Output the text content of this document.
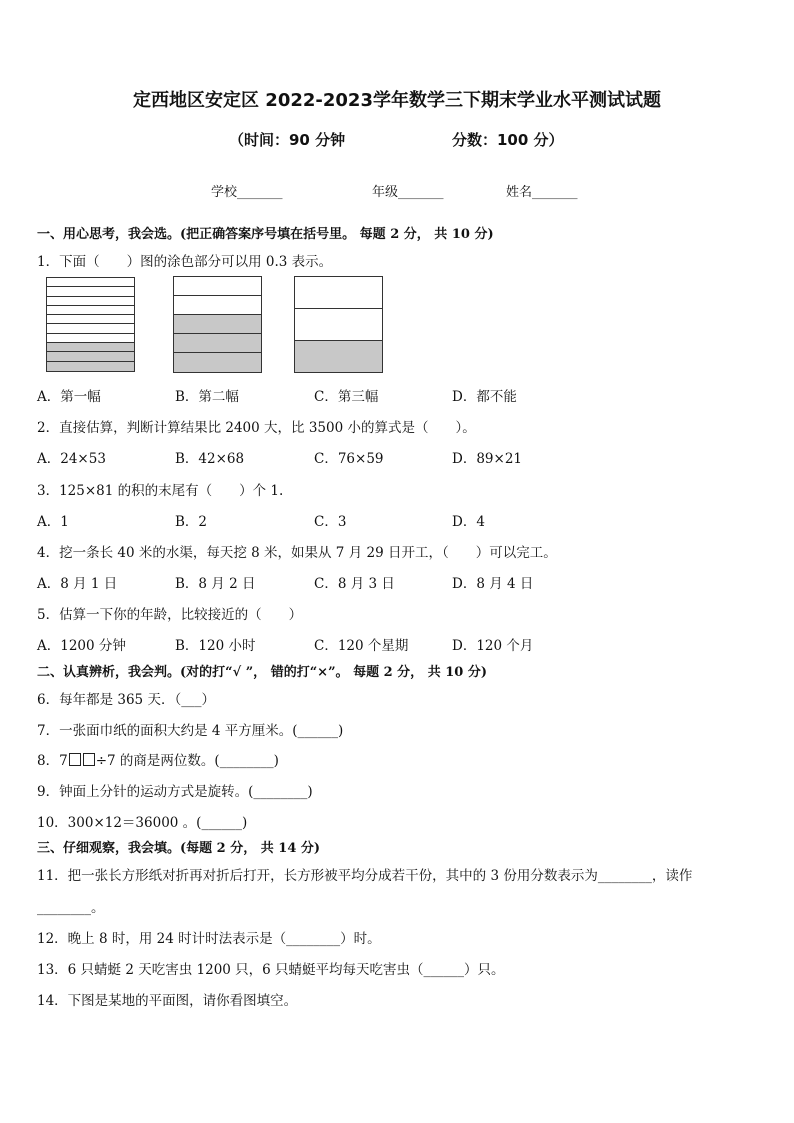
定西地区安定区 2022-2023学年数学三下期末学业水平测试试题
（时间：90 分钟	分数：100 分）
学校_______	年级_______	姓名_______
一、用心思考，我会选。(把正确答案序号填在括号里。 每题 2 分， 共 10 分)
1．下面（　　）图的涂色部分可以用 0.3 表示。
A．第一幅	B．第二幅	C．第三幅	D．都不能
2．直接估算，判断计算结果比 2400 大，比 3500 小的算式是（　　）。
A．24×53	B．42×68	C．76×59	D．89×21
3．125×81 的积的末尾有（　　）个 1.
A．1	B．2	C．3	D．4
4．挖一条长 40 米的水渠，每天挖 8 米，如果从 7 月 29 日开工，（　　）可以完工。
A．8 月 1 日	B．8 月 2 日	C．8 月 3 日	D．8 月 4 日
5．估算一下你的年龄，比较接近的（　　）
A．1200 分钟	B．120 小时	C．120 个星期	D．120 个月
二、认真辨析，我会判。(对的打“√ ”， 错的打“×”。 每题 2 分， 共 10 分)
6．每年都是 365 天．（___）
7．一张面巾纸的面积大约是 4 平方厘米。(______)
8．7 ÷7 的商是两位数。(________)
9．钟面上分针的运动方式是旋转。(________)
10．300×12＝36000 。(______)
三、仔细观察，我会填。(每题 2 分， 共 14 分)
11．把一张长方形纸对折再对折后打开，长方形被平均分成若干份，其中的 3 份用分数表示为________，读作
________。
12．晚上 8 时，用 24 时计时法表示是（________）时。
13．6 只蜻蜓 2 天吃害虫 1200 只，6 只蜻蜓平均每天吃害虫（______）只。
14．下图是某地的平面图，请你看图填空。
